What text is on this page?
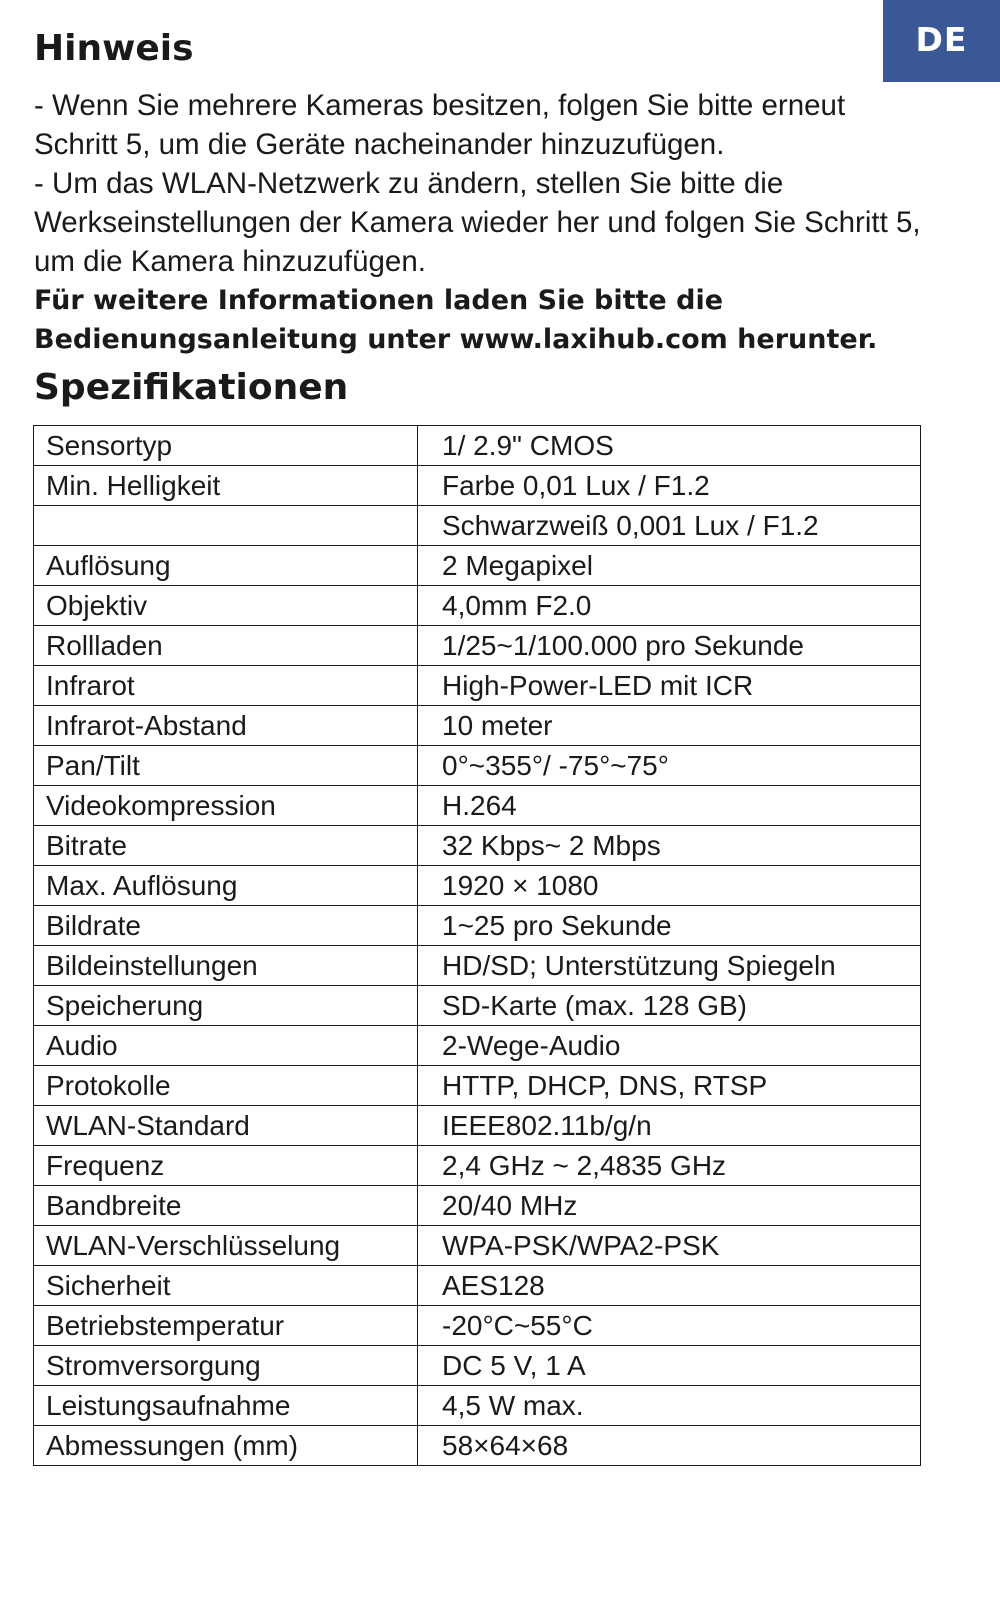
DE
Hinweis

- Wenn Sie mehrere Kameras besitzen, folgen Sie bitte erneut Schritt 5, um die Geräte nacheinander hinzuzufügen.

- Um das WLAN-Netzwerk zu ändern, stellen Sie bitte die Werkseinstellungen der Kamera wieder her und folgen Sie Schritt 5, um die Kamera hinzuzufügen.

Für weitere Informationen laden Sie bitte die Bedienungsanleitung unter www.laxihub.com herunter.

Spezifikationen
Sensortyp	1/ 2.9" CMOS
Min. Helligkeit	Farbe 0,01 Lux / F1.2
	Schwarzweiß 0,001 Lux / F1.2
Auflösung	2 Megapixel
Objektiv	4,0mm F2.0
Rollladen	1/25~1/100.000 pro Sekunde
Infrarot	High-Power-LED mit ICR
Infrarot-Abstand	10 meter
Pan/Tilt	0°~355°/ -75°~75°
Videokompression	H.264
Bitrate	32 Kbps~ 2 Mbps
Max. Auflösung	1920 × 1080
Bildrate	1~25 pro Sekunde
Bildeinstellungen	HD/SD; Unterstützung Spiegeln
Speicherung	SD-Karte (max. 128 GB)
Audio	2-Wege-Audio
Protokolle	HTTP, DHCP, DNS, RTSP
WLAN-Standard	IEEE802.11b/g/n
Frequenz	2,4 GHz ~ 2,4835 GHz
Bandbreite	20/40 MHz
WLAN-Verschlüsselung	WPA-PSK/WPA2-PSK
Sicherheit	AES128
Betriebstemperatur	-20°C~55°C
Stromversorgung	DC 5 V, 1 A
Leistungsaufnahme	4,5 W max.
Abmessungen (mm)	58×64×68
